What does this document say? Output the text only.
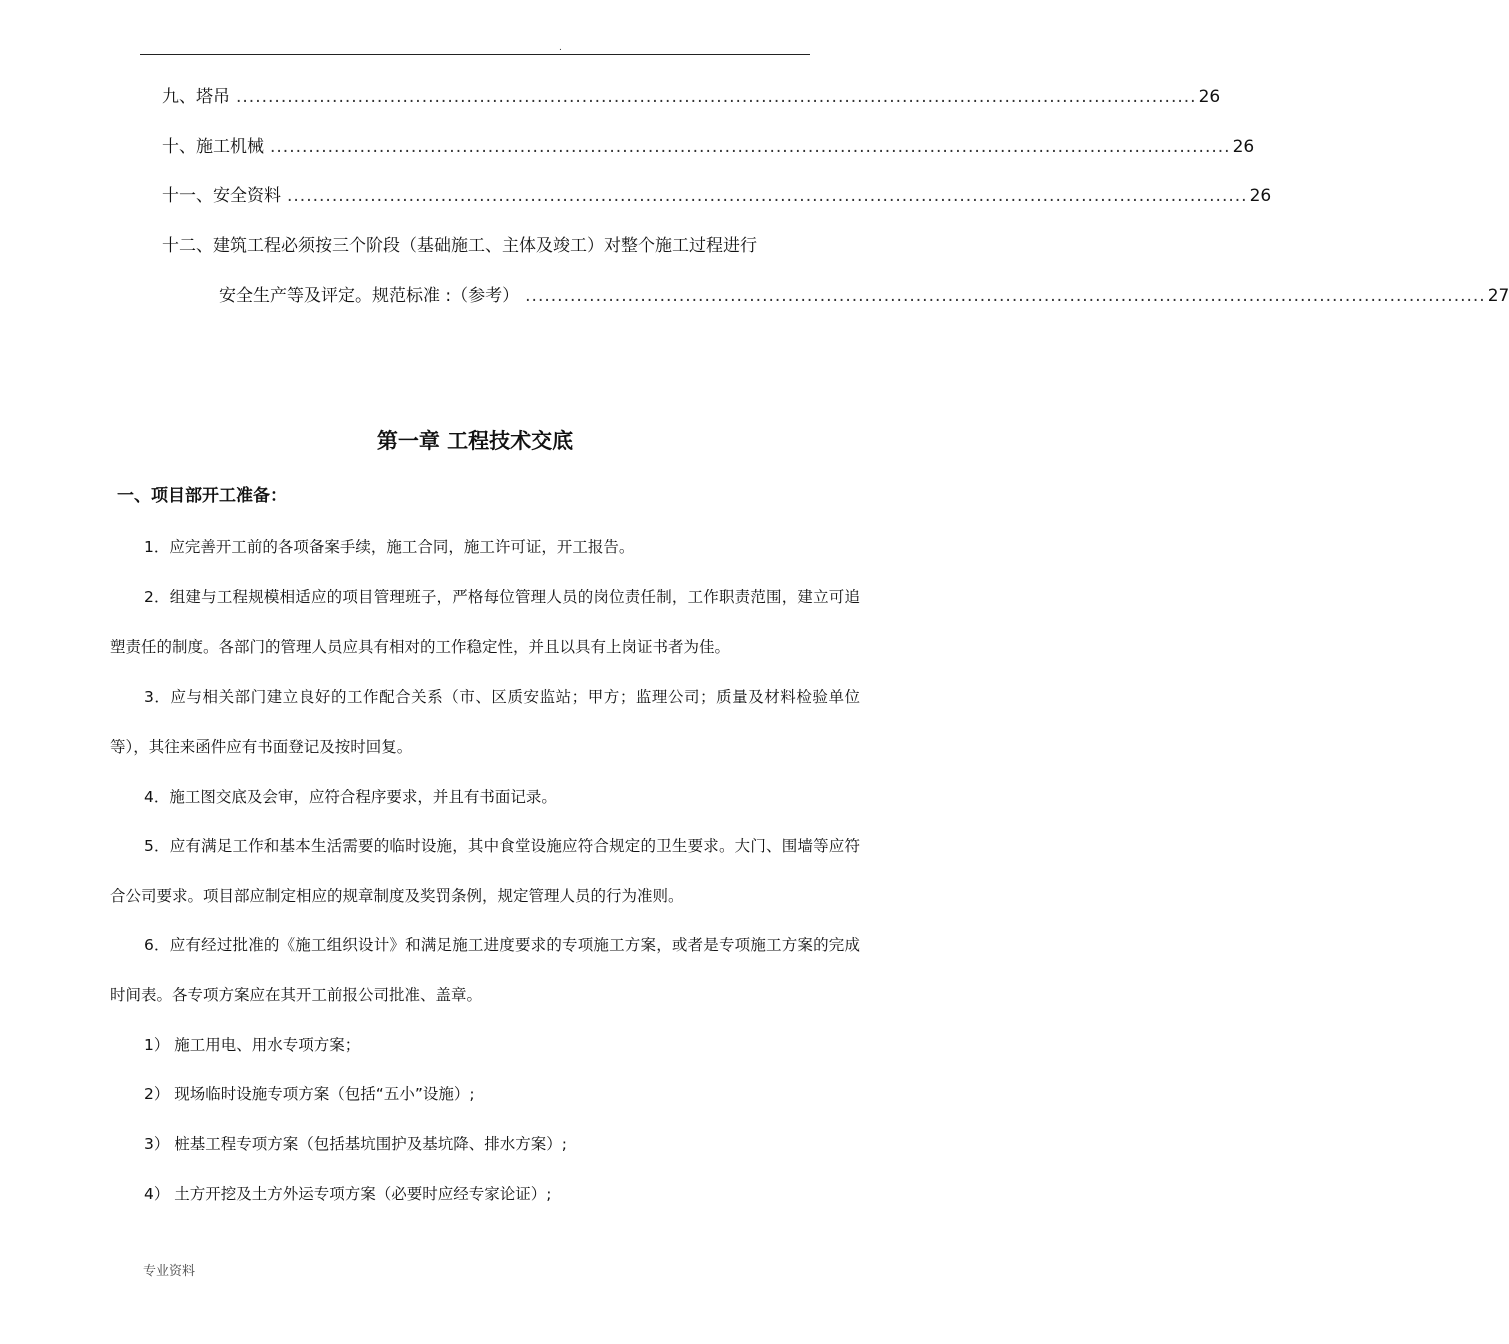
.
九、塔吊 ...................................................................................................................................................... 26
十、施工机械 ...................................................................................................................................................... 26
十一、安全资料 ...................................................................................................................................................... 26
十二、建筑工程必须按三个阶段（基础施工、主体及竣工）对整个施工过程进行
安全生产等及评定。规范标准 :（参考） ...................................................................................................................................................... 27
第一章 工程技术交底
一、项目部开工准备：

1．应完善开工前的各项备案手续，施工合同，施工许可证，开工报告。

2．组建与工程规模相适应的项目管理班子，严格每位管理人员的岗位责任制，工作职责范围，建立可追塑责任的制度。各部门的管理人员应具有相对的工作稳定性，并且以具有上岗证书者为佳。

3．应与相关部门建立良好的工作配合关系（市、区质安监站；甲方；监理公司；质量及材料检验单位等），其往来函件应有书面登记及按时回复。

4．施工图交底及会审，应符合程序要求，并且有书面记录。

5．应有满足工作和基本生活需要的临时设施，其中食堂设施应符合规定的卫生要求。大门、围墙等应符合公司要求。项目部应制定相应的规章制度及奖罚条例，规定管理人员的行为准则。

6．应有经过批准的《施工组织设计》和满足施工进度要求的专项施工方案，或者是专项施工方案的完成时间表。各专项方案应在其开工前报公司批准、盖章。

1） 施工用电、用水专项方案；
2） 现场临时设施专项方案（包括“五小”设施）;
3） 桩基工程专项方案（包括基坑围护及基坑降、排水方案）;
4） 土方开挖及土方外运专项方案（必要时应经专家论证）;
专业资料
